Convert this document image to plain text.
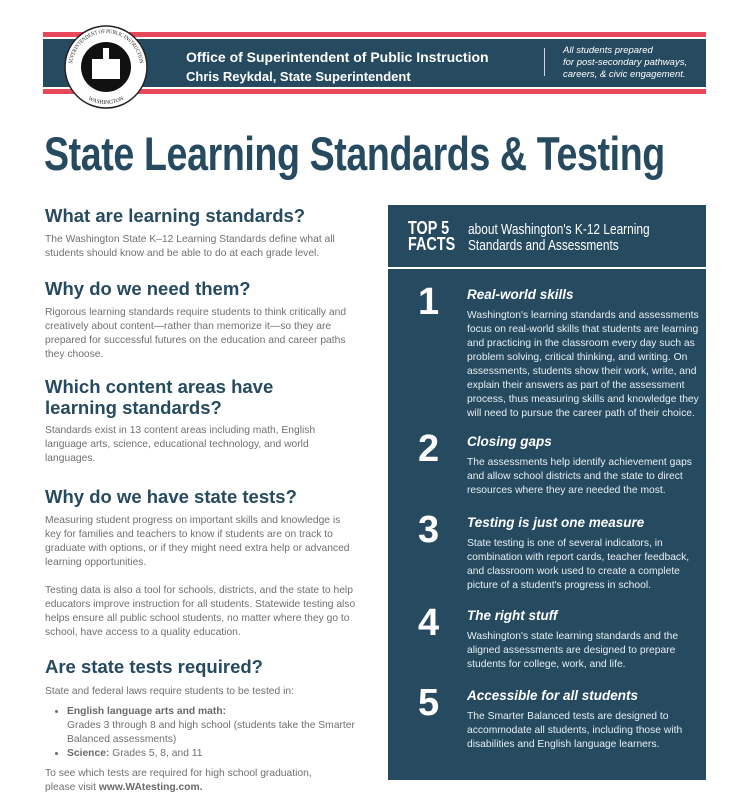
SUPERINTENDENT OF PUBLIC INSTRUCTION
WASHINGTON
Office of Superintendent of Public Instruction
Chris Reykdal, State Superintendent
All students prepared
for post-secondary pathways,
careers, & civic engagement.
State Learning Standards & Testing
What are learning standards?

The Washington State K–12 Learning Standards define what all students should know and be able to do at each grade level.

Why do we need them?

Rigorous learning standards require students to think critically and creatively about content—rather than memorize it—so they are prepared for successful futures on the education and career paths they choose.

Which content areas have learning standards?

Standards exist in 13 content areas including math, English language arts, science, educational technology, and world languages.

Why do we have state tests?

Measuring student progress on important skills and knowledge is key for families and teachers to know if students are on track to graduate with options, or if they might need extra help or advanced learning opportunities.

Testing data is also a tool for schools, districts, and the state to help educators improve instruction for all students. Statewide testing also helps ensure all public school students, no matter where they go to school, have access to a quality education.

Are state tests required?

State and federal laws require students to be tested in:

• English language arts and math:
Grades 3 through 8 and high school (students take the Smarter Balanced assessments)
• Science: Grades 5, 8, and 11

To see which tests are required for high school graduation, please visit www.WAtesting.com.

TOP 5
FACTS
about Washington's K-12 Learning Standards and Assessments
1 Real-world skills
Washington's learning standards and assessments focus on real-world skills that students are learning and practicing in the classroom every day such as problem solving, critical thinking, and writing. On assessments, students show their work, write, and explain their answers as part of the assessment process, thus measuring skills and knowledge they will need to pursue the career path of their choice.
2 Closing gaps
The assessments help identify achievement gaps and allow school districts and the state to direct resources where they are needed the most.
3 Testing is just one measure
State testing is one of several indicators, in combination with report cards, teacher feedback, and classroom work used to create a complete picture of a student's progress in school.
4 The right stuff
Washington's state learning standards and the aligned assessments are designed to prepare students for college, work, and life.
5 Accessible for all students
The Smarter Balanced tests are designed to accommodate all students, including those with disabilities and English language learners.
